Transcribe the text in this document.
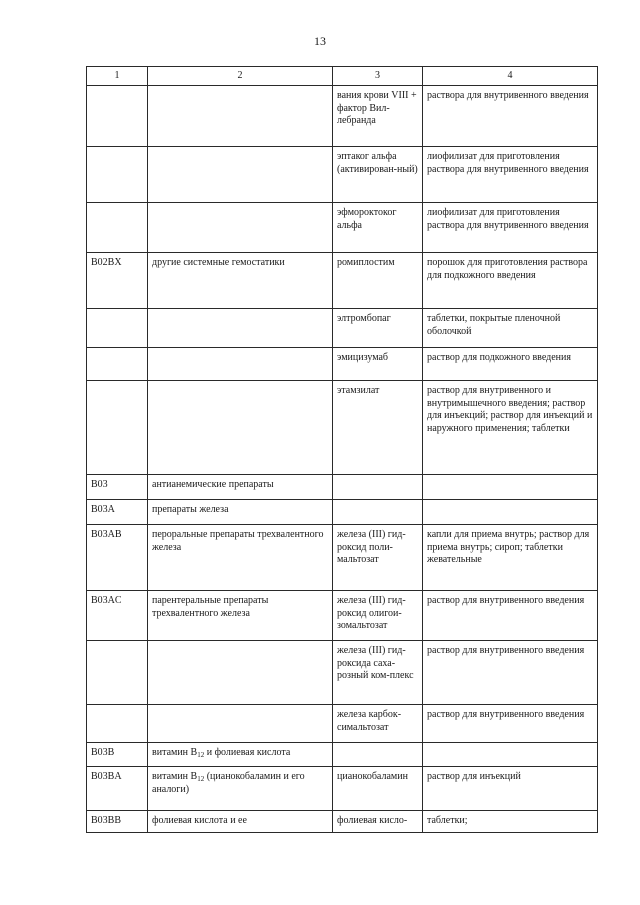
13
1	2	3	4
		вания крови VIII + фактор Вил-лебранда	раствора для внутривенного введения
		эптаког альфа (активирован-ный)	лиофилизат для приготовления раствора для внутривенного введения
		эфмороктоког альфа	лиофилизат для приготовления раствора для внутривенного введения
B02BX	другие системные гемостатики	ромиплостим	порошок для приготовления раствора для подкожного введения
		элтромбопаг	таблетки, покрытые пленочной оболочкой
		эмицизумаб	раствор для подкожного введения
		этамзилат	раствор для внутривенного и внутримышечного введения; раствор для инъекций; раствор для инъекций и наружного применения; таблетки
B03	антианемические препараты		
B03A	препараты железа		
B03AB	пероральные препараты трехвалентного железа	железа (III) гид-роксид поли-мальтозат	капли для приема внутрь; раствор для приема внутрь; сироп; таблетки жевательные
B03AC	парентеральные препараты трехвалентного железа	железа (III) гид-роксид олигои-зомальтозат	раствор для внутривенного введения
		железа (III) гид-роксида саха-розный ком-плекс	раствор для внутривенного введения
		железа карбок-симальтозат	раствор для внутривенного введения
B03B	витамин $B_{12}$ и фолиевая кислота		
B03BA	витамин $B_{12}$ (цианокобаламин и его аналоги)	цианокобаламин	раствор для инъекций
B03BB	фолиевая кислота и ее	фолиевая кисло-	таблетки;
